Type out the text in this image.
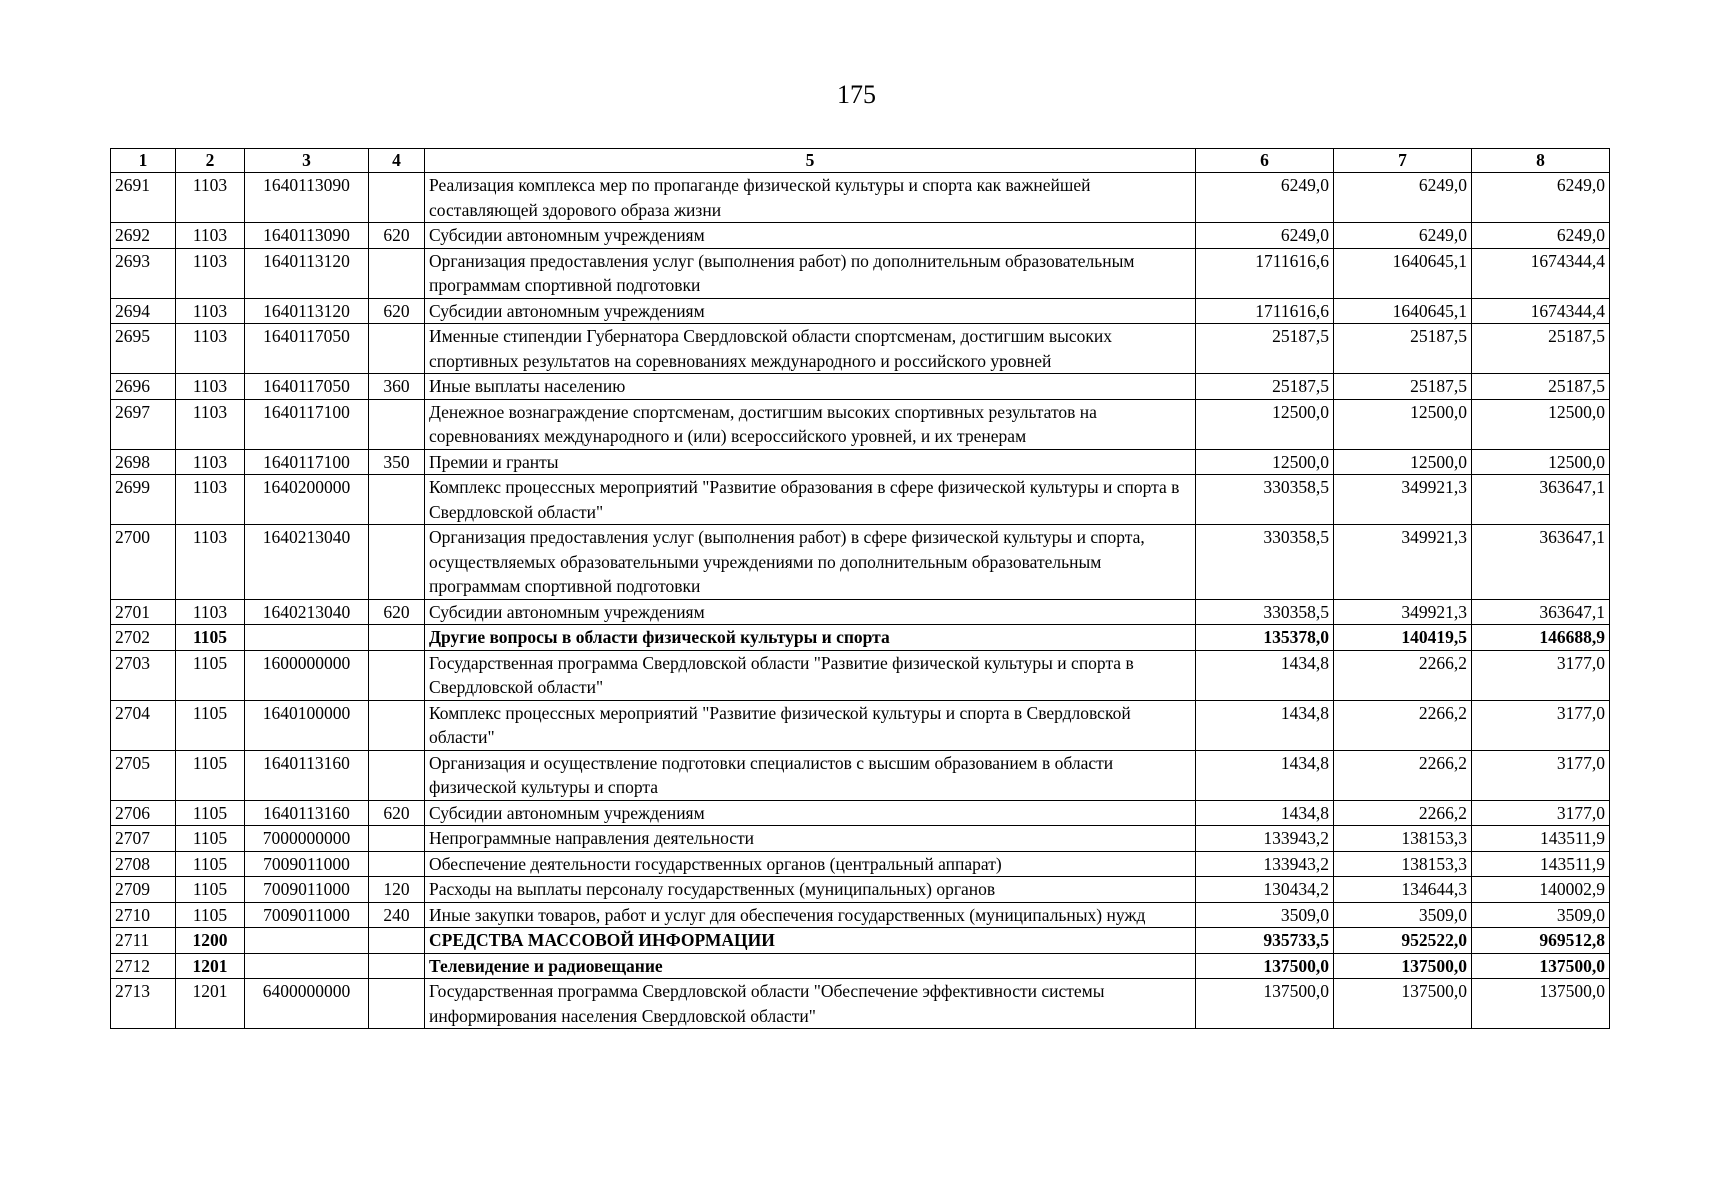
175
1	2	3	4	5	6	7	8
2691	1103	1640113090		Реализация комплекса мер по пропаганде физической культуры и спорта как важнейшей составляющей здорового образа жизни	6249,0	6249,0	6249,0
2692	1103	1640113090	620	Субсидии автономным учреждениям	6249,0	6249,0	6249,0
2693	1103	1640113120		Организация предоставления услуг (выполнения работ) по дополнительным образовательным программам спортивной подготовки	1711616,6	1640645,1	1674344,4
2694	1103	1640113120	620	Субсидии автономным учреждениям	1711616,6	1640645,1	1674344,4
2695	1103	1640117050		Именные стипендии Губернатора Свердловской области спортсменам, достигшим высоких спортивных результатов на соревнованиях международного и российского уровней	25187,5	25187,5	25187,5
2696	1103	1640117050	360	Иные выплаты населению	25187,5	25187,5	25187,5
2697	1103	1640117100		Денежное вознаграждение спортсменам, достигшим высоких спортивных результатов на соревнованиях международного и (или) всероссийского уровней, и их тренерам	12500,0	12500,0	12500,0
2698	1103	1640117100	350	Премии и гранты	12500,0	12500,0	12500,0
2699	1103	1640200000		Комплекс процессных мероприятий "Развитие образования в сфере физической культуры и спорта в Свердловской области"	330358,5	349921,3	363647,1
2700	1103	1640213040		Организация предоставления услуг (выполнения работ) в сфере физической культуры и спорта, осуществляемых образовательными учреждениями по дополнительным образовательным программам спортивной подготовки	330358,5	349921,3	363647,1
2701	1103	1640213040	620	Субсидии автономным учреждениям	330358,5	349921,3	363647,1
2702	1105			Другие вопросы в области физической культуры и спорта	135378,0	140419,5	146688,9
2703	1105	1600000000		Государственная программа Свердловской области "Развитие физической культуры и спорта в Свердловской области"	1434,8	2266,2	3177,0
2704	1105	1640100000		Комплекс процессных мероприятий "Развитие физической культуры и спорта в Свердловской области"	1434,8	2266,2	3177,0
2705	1105	1640113160		Организация и осуществление подготовки специалистов с высшим образованием в области физической культуры и спорта	1434,8	2266,2	3177,0
2706	1105	1640113160	620	Субсидии автономным учреждениям	1434,8	2266,2	3177,0
2707	1105	7000000000		Непрограммные направления деятельности	133943,2	138153,3	143511,9
2708	1105	7009011000		Обеспечение деятельности государственных органов (центральный аппарат)	133943,2	138153,3	143511,9
2709	1105	7009011000	120	Расходы на выплаты персоналу государственных (муниципальных) органов	130434,2	134644,3	140002,9
2710	1105	7009011000	240	Иные закупки товаров, работ и услуг для обеспечения государственных (муниципальных) нужд	3509,0	3509,0	3509,0
2711	1200			СРЕДСТВА МАССОВОЙ ИНФОРМАЦИИ	935733,5	952522,0	969512,8
2712	1201			Телевидение и радиовещание	137500,0	137500,0	137500,0
2713	1201	6400000000		Государственная программа Свердловской области "Обеспечение эффективности системы информирования населения Свердловской области"	137500,0	137500,0	137500,0
